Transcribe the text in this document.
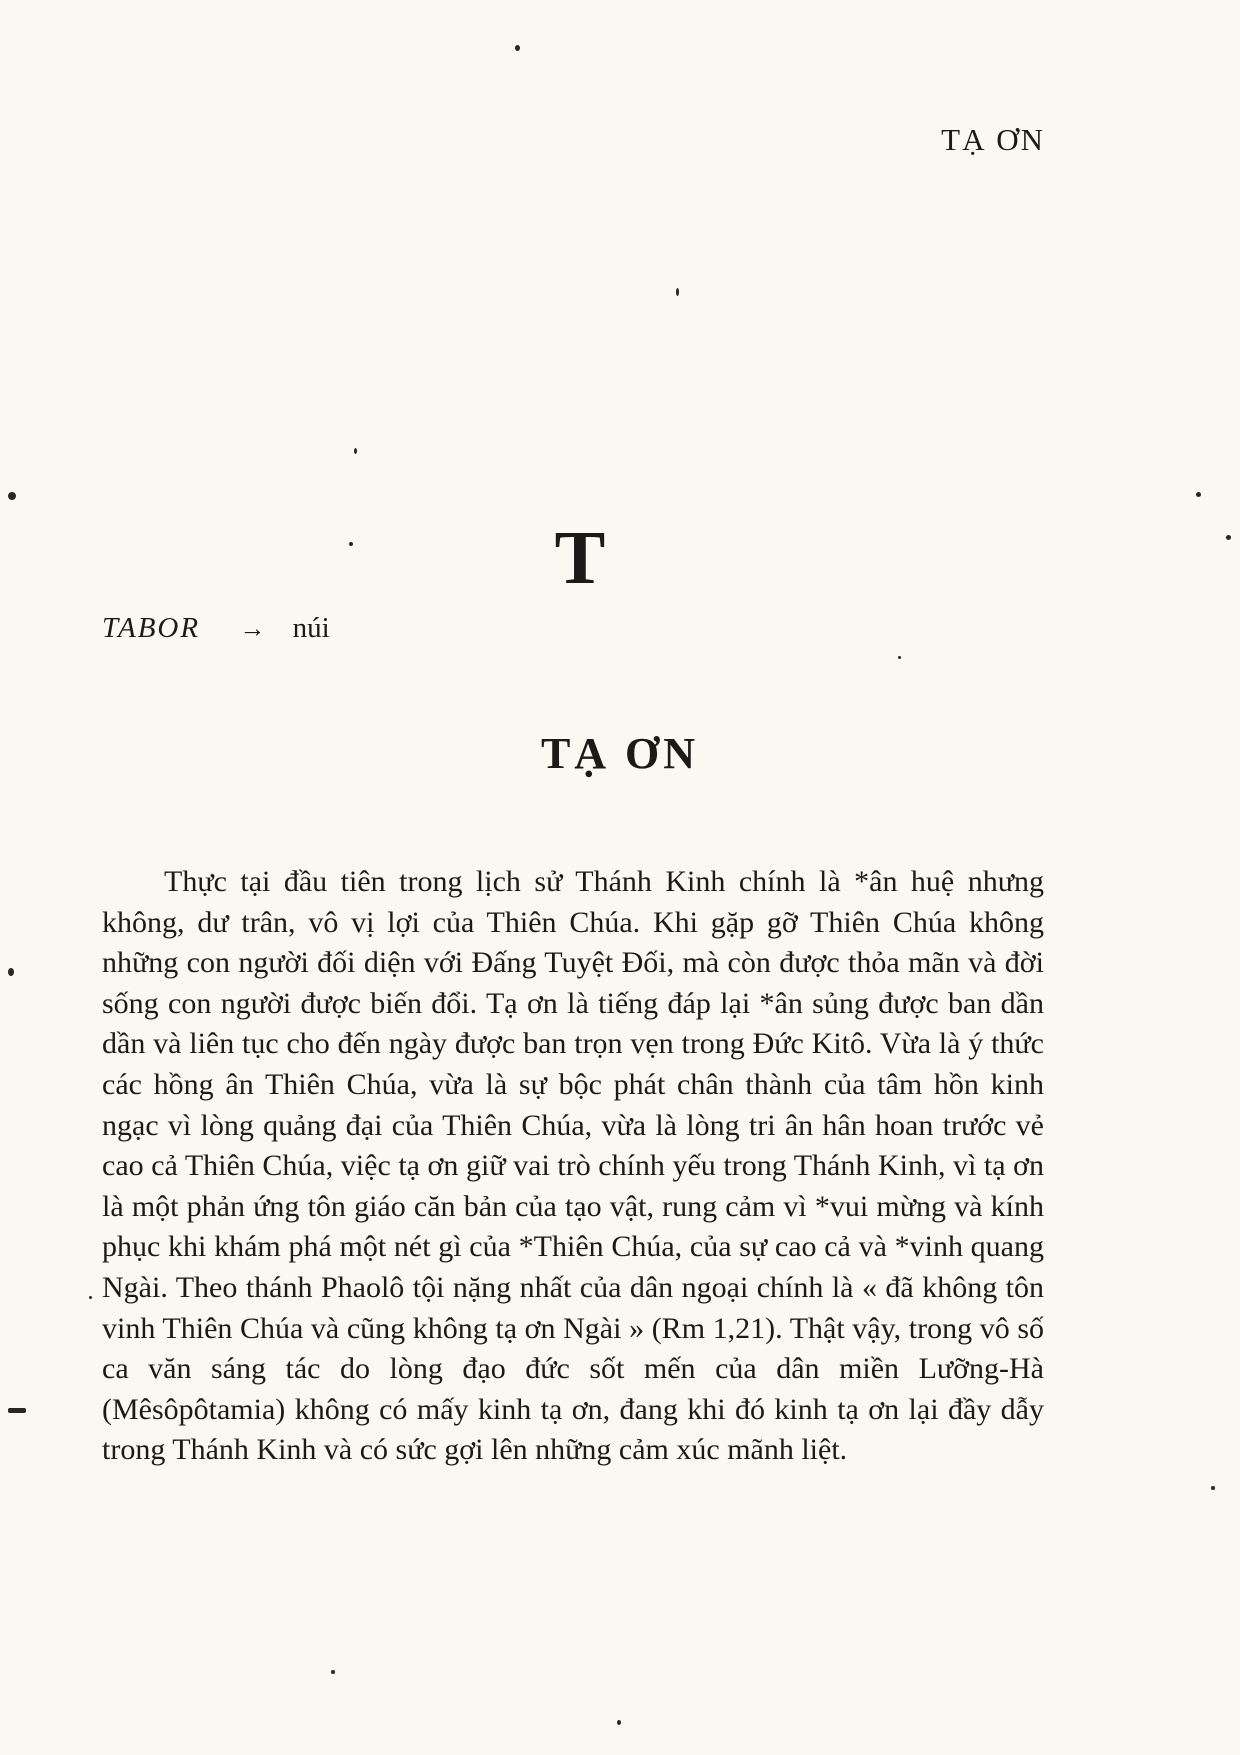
TẠ ƠN
T
TABOR → núi
TẠ ƠN

Thực tại đầu tiên trong lịch sử Thánh Kinh chính là *ân huệ nhưng không, dư trân, vô vị lợi của Thiên Chúa. Khi gặp gỡ Thiên Chúa không những con người đối diện với Đấng Tuyệt Đối, mà còn được thỏa mãn và đời sống con người được biến đổi. Tạ ơn là tiếng đáp lại *ân sủng được ban dần dần và liên tục cho đến ngày được ban trọn vẹn trong Đức Kitô. Vừa là ý thức các hồng ân Thiên Chúa, vừa là sự bộc phát chân thành của tâm hồn kinh ngạc vì lòng quảng đại của Thiên Chúa, vừa là lòng tri ân hân hoan trước vẻ cao cả Thiên Chúa, việc tạ ơn giữ vai trò chính yếu trong Thánh Kinh, vì tạ ơn là một phản ứng tôn giáo căn bản của tạo vật, rung cảm vì *vui mừng và kính phục khi khám phá một nét gì của *Thiên Chúa, của sự cao cả và *vinh quang Ngài. Theo thánh Phaolô tội nặng nhất của dân ngoại chính là « đã không tôn vinh Thiên Chúa và cũng không tạ ơn Ngài » (Rm 1,21). Thật vậy, trong vô số ca văn sáng tác do lòng đạo đức sốt mến của dân miền Lưỡng-Hà (Mêsôpôtamia) không có mấy kinh tạ ơn, đang khi đó kinh tạ ơn lại đầy dẫy trong Thánh Kinh và có sức gợi lên những cảm xúc mãnh liệt.
